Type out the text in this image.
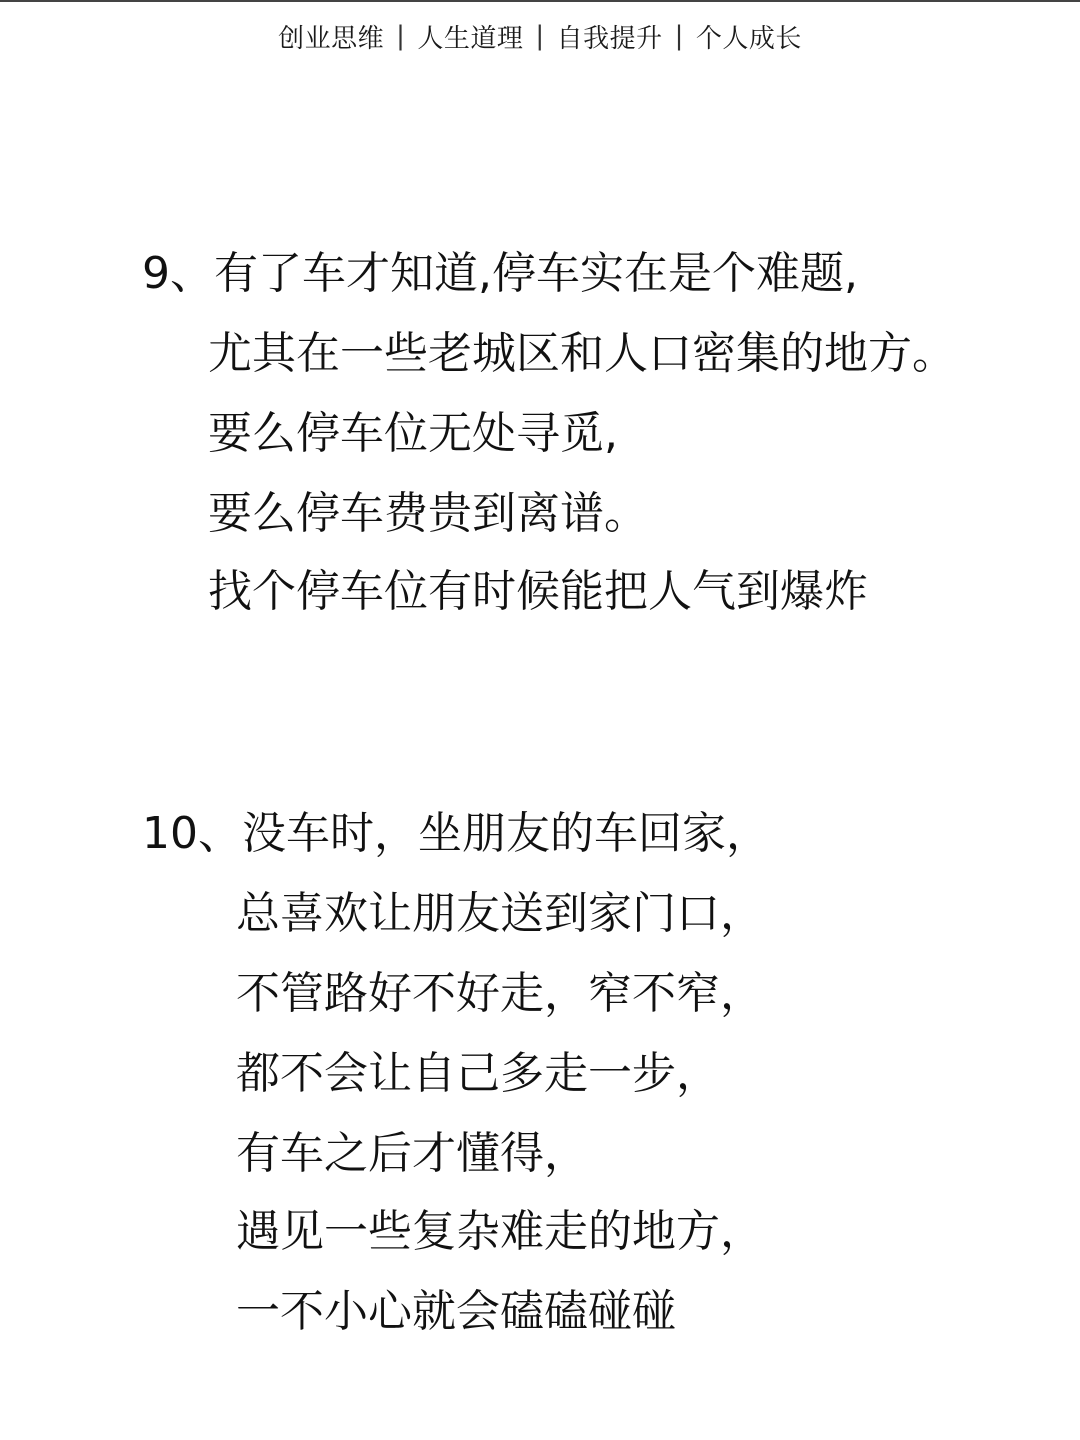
创业思维 | 人生道理 | 自我提升 | 个人成长
9、有了车才知道,停车实在是个难题,
尤其在一些老城区和人口密集的地方。
要么停车位无处寻觅,
要么停车费贵到离谱。
找个停车位有时候能把人气到爆炸
10、没车时，坐朋友的车回家，
总喜欢让朋友送到家门口，
不管路好不好走，窄不窄，
都不会让自己多走一步，
有车之后才懂得，
遇见一些复杂难走的地方，
一不小心就会磕磕碰碰
